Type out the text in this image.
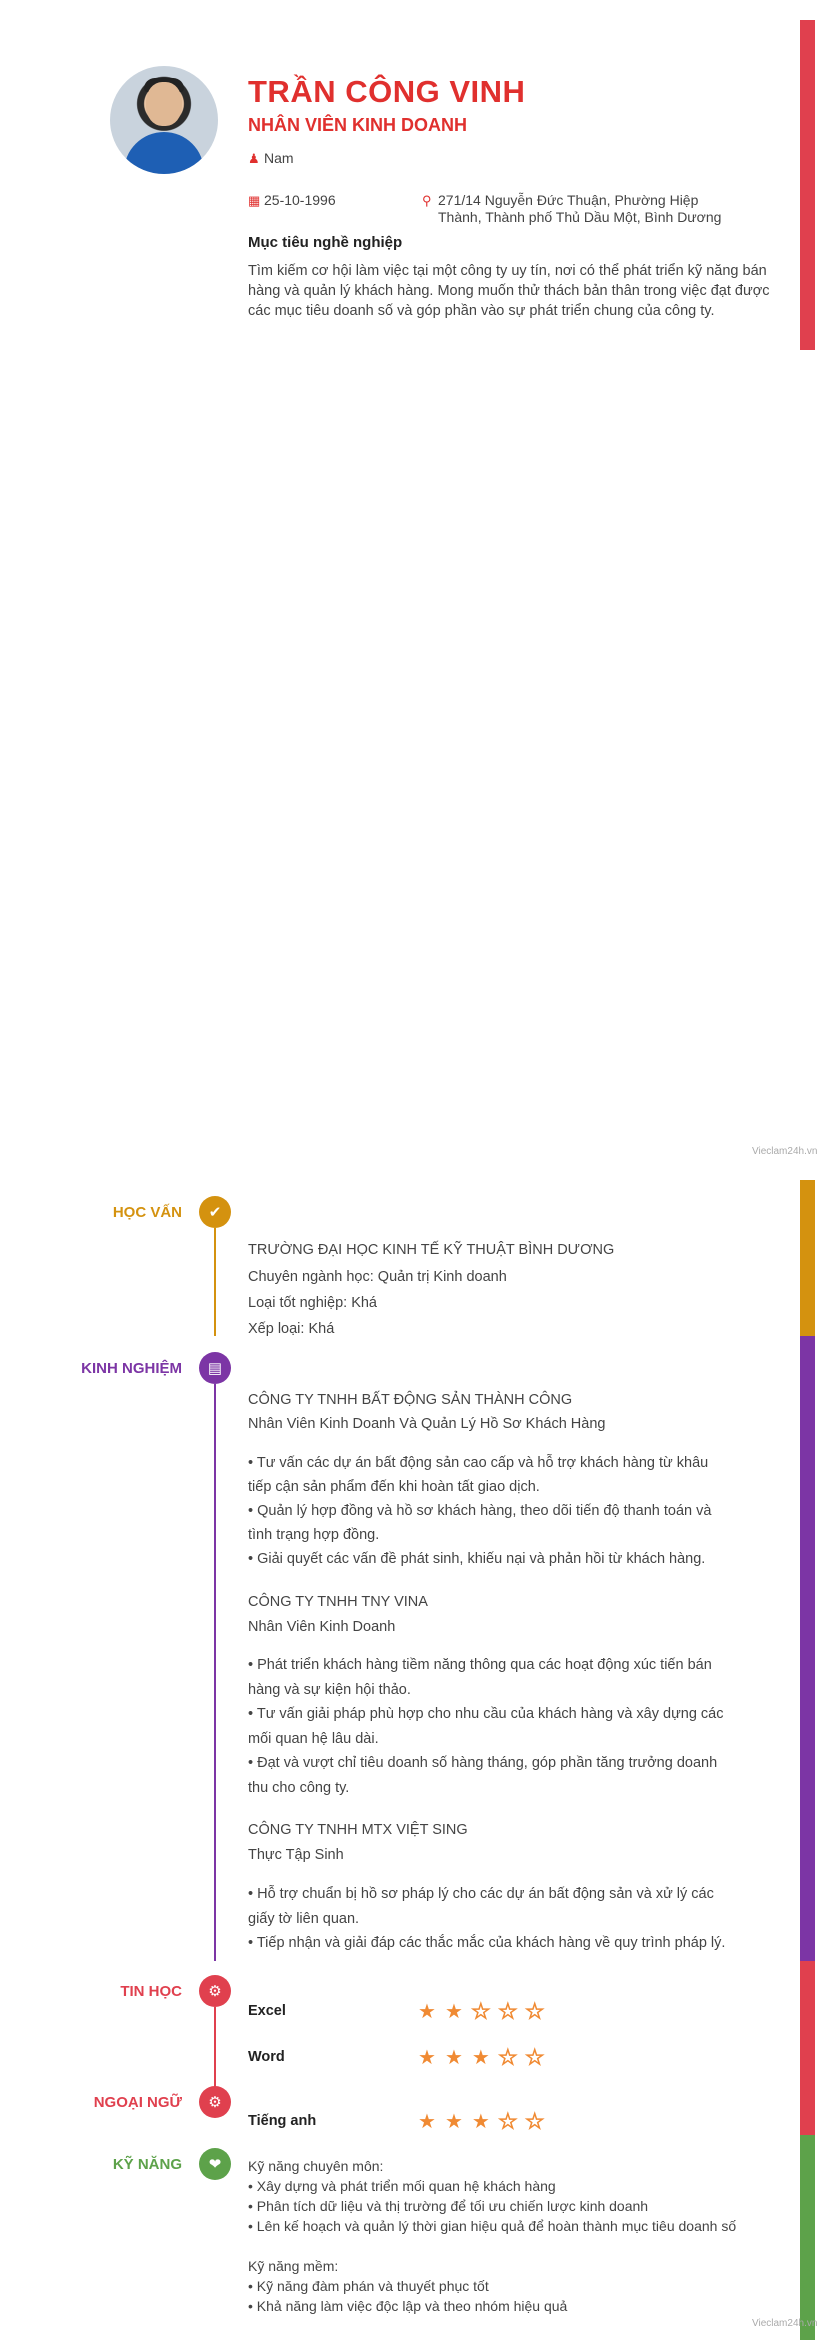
TRẦN CÔNG VINH
NHÂN VIÊN KINH DOANH
♟ Nam
▦ 25-10-1996	⚲ 271/14 Nguyễn Đức Thuận, Phường Hiệp
Thành, Thành phố Thủ Dầu Một, Bình Dương
Mục tiêu nghề nghiệp
Tìm kiếm cơ hội làm việc tại một công ty uy tín, nơi có thể phát triển kỹ năng bán hàng và quản lý khách hàng. Mong muốn thử thách bản thân trong việc đạt được các mục tiêu doanh số và góp phần vào sự phát triển chung của công ty.
Vieclam24h.vn
HỌC VẤN	✔
TRƯỜNG ĐẠI HỌC KINH TẾ KỸ THUẬT BÌNH DƯƠNG
Chuyên ngành học: Quản trị Kinh doanh
Loại tốt nghiệp: Khá
Xếp loại: Khá
KINH NGHIỆM	▤
CÔNG TY TNHH BẤT ĐỘNG SẢN THÀNH CÔNG
Nhân Viên Kinh Doanh Và Quản Lý Hồ Sơ Khách Hàng
• Tư vấn các dự án bất động sản cao cấp và hỗ trợ khách hàng từ khâu
tiếp cận sản phẩm đến khi hoàn tất giao dịch.
• Quản lý hợp đồng và hồ sơ khách hàng, theo dõi tiến độ thanh toán và
tình trạng hợp đồng.
• Giải quyết các vấn đề phát sinh, khiếu nại và phản hồi từ khách hàng.
CÔNG TY TNHH TNY VINA
Nhân Viên Kinh Doanh
• Phát triển khách hàng tiềm năng thông qua các hoạt động xúc tiến bán
hàng và sự kiện hội thảo.
• Tư vấn giải pháp phù hợp cho nhu cầu của khách hàng và xây dựng các
mối quan hệ lâu dài.
• Đạt và vượt chỉ tiêu doanh số hàng tháng, góp phần tăng trưởng doanh
thu cho công ty.
CÔNG TY TNHH MTX VIỆT SING
Thực Tập Sinh
• Hỗ trợ chuẩn bị hồ sơ pháp lý cho các dự án bất động sản và xử lý các
giấy tờ liên quan.
• Tiếp nhận và giải đáp các thắc mắc của khách hàng về quy trình pháp lý.
TIN HỌC	⚙
Excel	★★★★★
Word	★★★★★
NGOẠI NGỮ	⚙
Tiếng anh	★★★★★
KỸ NĂNG	❤	Kỹ năng chuyên môn:
• Xây dựng và phát triển mối quan hệ khách hàng
• Phân tích dữ liệu và thị trường để tối ưu chiến lược kinh doanh
• Lên kế hoạch và quản lý thời gian hiệu quả để hoàn thành mục tiêu doanh số
Kỹ năng mềm:
• Kỹ năng đàm phán và thuyết phục tốt
• Khả năng làm việc độc lập và theo nhóm hiệu quả
Vieclam24h.vn
